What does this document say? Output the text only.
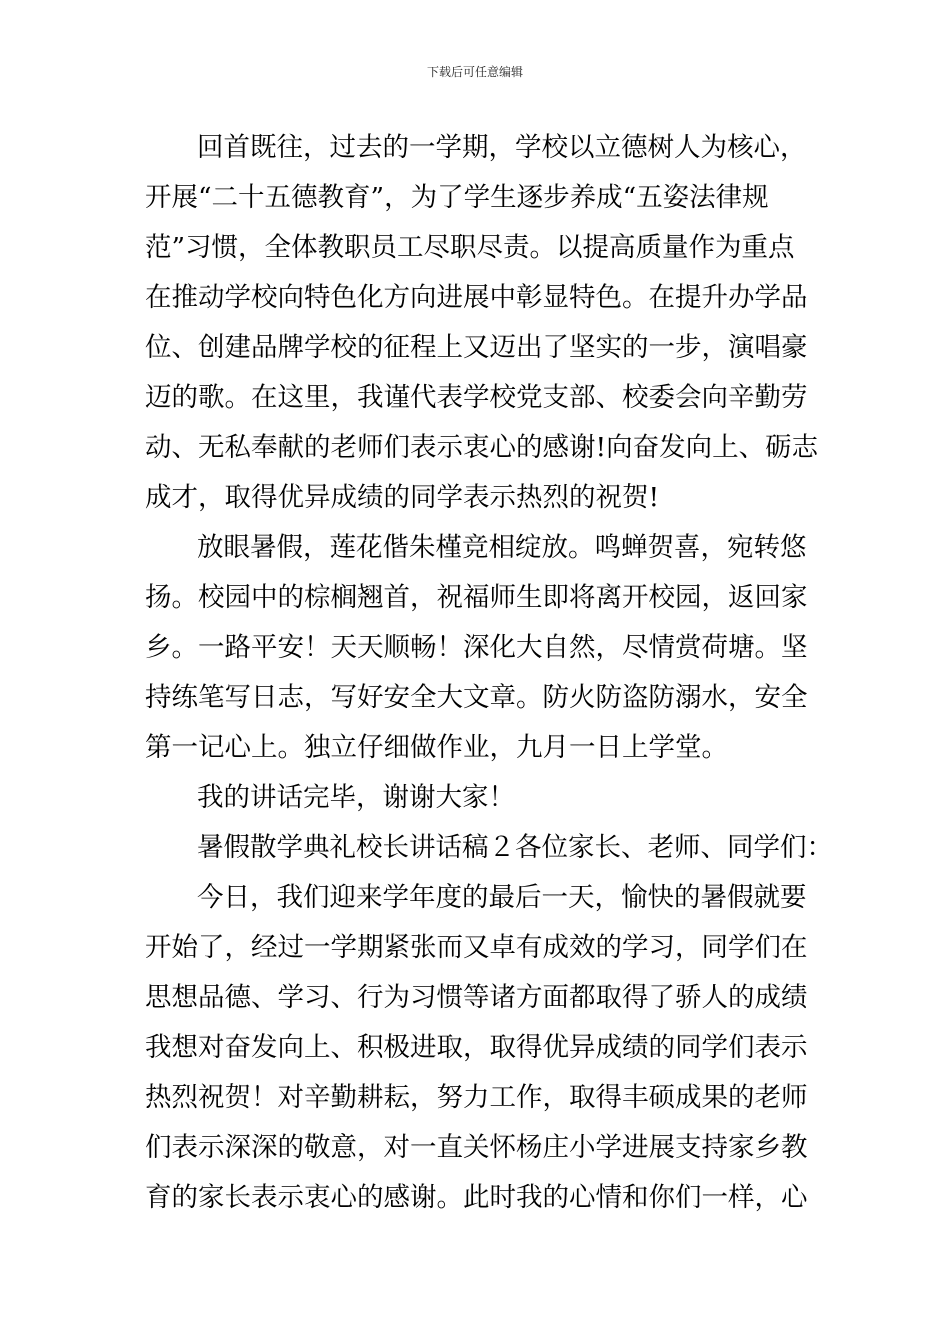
下载后可任意编辑
回首既往，过去的一学期，学校以立德树人为核心，
开展“二十五德教育”，为了学生逐步养成“五姿法律规
范”习惯，全体教职员工尽职尽责。以提高质量作为重点
在推动学校向特色化方向进展中彰显特色。在提升办学品
位、创建品牌学校的征程上又迈出了坚实的一步，演唱豪
迈的歌。在这里，我谨代表学校党支部、校委会向辛勤劳
动、无私奉献的老师们表示衷心的感谢!向奋发向上、砺志
成才，取得优异成绩的同学表示热烈的祝贺!
放眼暑假，莲花偕朱槿竞相绽放。鸣蝉贺喜，宛转悠
扬。校园中的棕榈翘首，祝福师生即将离开校园，返回家
乡。一路平安！天天顺畅！深化大自然，尽情赏荷塘。坚
持练笔写日志，写好安全大文章。防火防盗防溺水，安全
第一记心上。独立仔细做作业，九月一日上学堂。
我的讲话完毕，谢谢大家！
暑假散学典礼校长讲话稿２各位家长、老师、同学们：
今日，我们迎来学年度的最后一天，愉快的暑假就要
开始了，经过一学期紧张而又卓有成效的学习，同学们在
思想品德、学习、行为习惯等诸方面都取得了骄人的成绩
我想对奋发向上、积极进取，取得优异成绩的同学们表示
热烈祝贺！对辛勤耕耘，努力工作，取得丰硕成果的老师
们表示深深的敬意，对一直关怀杨庄小学进展支持家乡教
育的家长表示衷心的感谢。此时我的心情和你们一样，心
